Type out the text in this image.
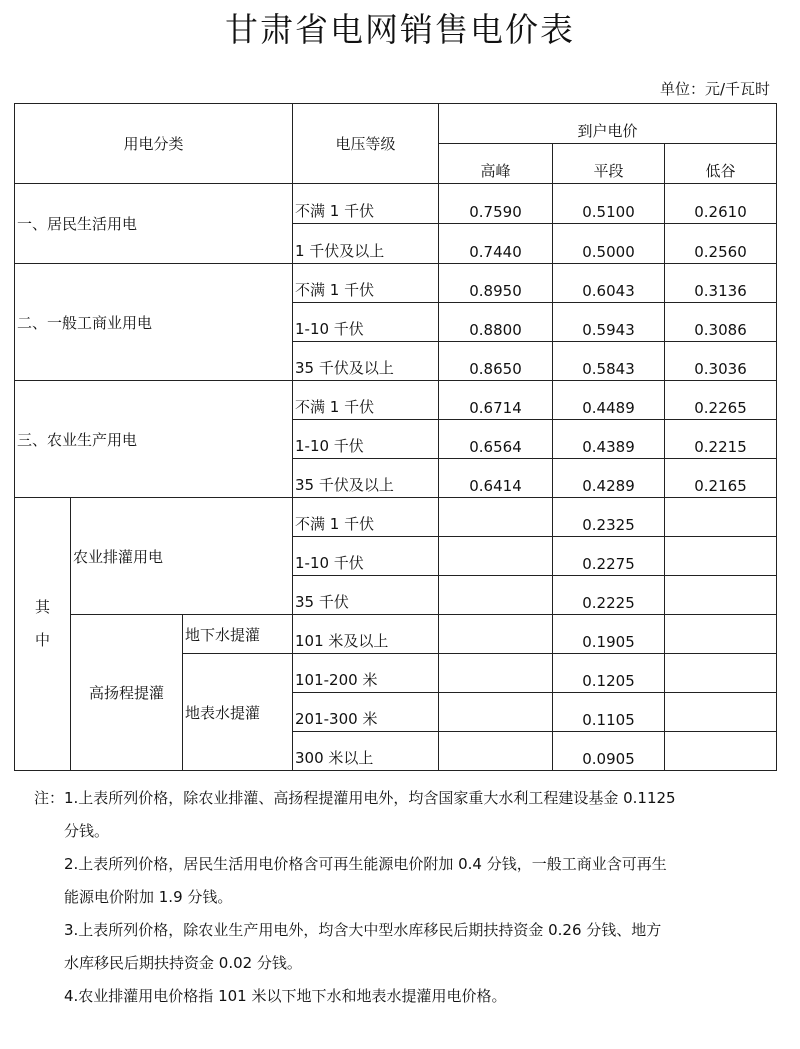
甘肃省电网销售电价表
单位：元/千瓦时
用电分类			电压等级	到户电价		
				高峰	平段	低谷
一、居民生活用电			不满 1 千伏	0.7590	0.5100	0.2610
			1 千伏及以上	0.7440	0.5000	0.2560
二、一般工商业用电			不满 1 千伏	0.8950	0.6043	0.3136
			1-10 千伏	0.8800	0.5943	0.3086
			35 千伏及以上	0.8650	0.5843	0.3036
三、农业生产用电			不满 1 千伏	0.6714	0.4489	0.2265
			1-10 千伏	0.6564	0.4389	0.2215
			35 千伏及以上	0.6414	0.4289	0.2165
其中	农业排灌用电		不满 1 千伏		0.2325	
			1-10 千伏		0.2275	
			35 千伏		0.2225	
	高扬程提灌	地下水提灌	101 米及以上		0.1905	
		地表水提灌	101-200 米		0.1205	
			201-300 米		0.1105	
			300 米以上		0.0905	

注：1.上表所列价格，除农业排灌、高扬程提灌用电外，均含国家重大水利工程建设基金 0.1125

分钱。

2.上表所列价格，居民生活用电价格含可再生能源电价附加 0.4 分钱，一般工商业含可再生

能源电价附加 1.9 分钱。

3.上表所列价格，除农业生产用电外，均含大中型水库移民后期扶持资金 0.26 分钱、地方

水库移民后期扶持资金 0.02 分钱。

4.农业排灌用电价格指 101 米以下地下水和地表水提灌用电价格。
